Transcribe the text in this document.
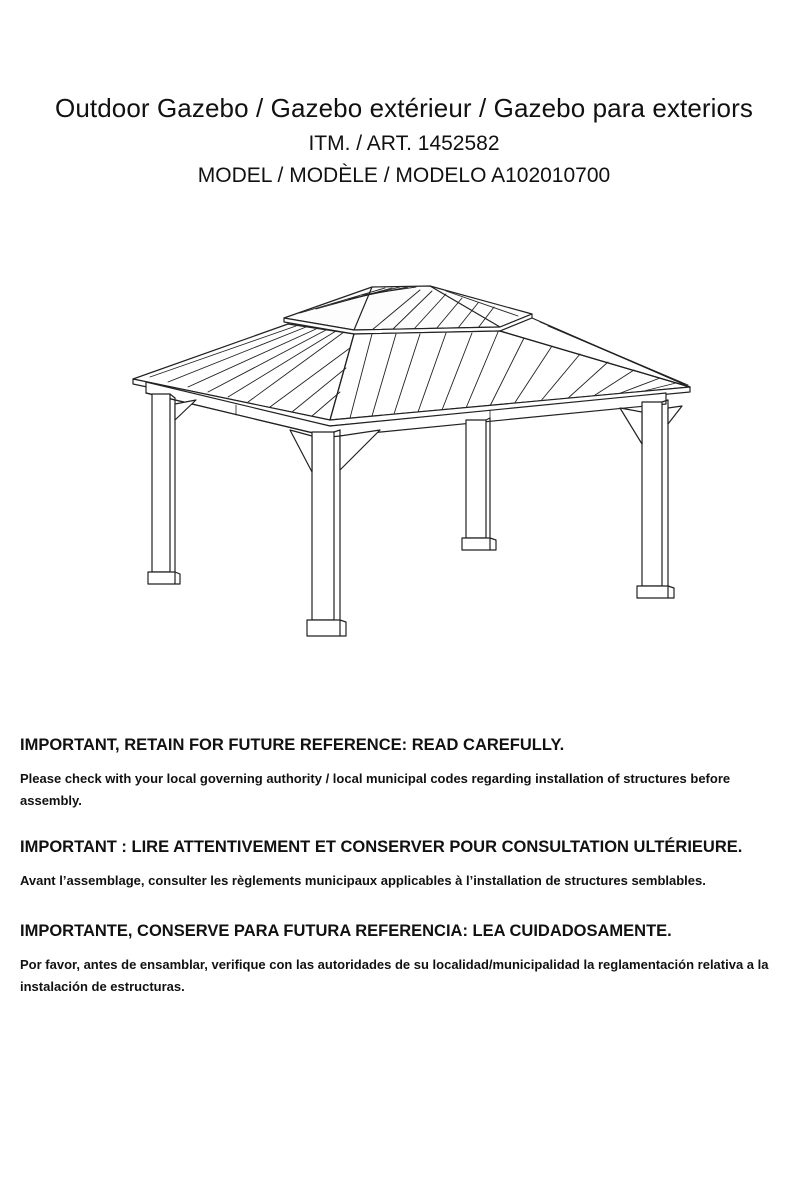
Outdoor Gazebo / Gazebo extérieur / Gazebo para exteriors

ITM. / ART. 1452582

MODEL / MODÈLE / MODELO A102010700

IMPORTANT, RETAIN FOR FUTURE REFERENCE: READ CAREFULLY.

Please check with your local governing authority / local municipal codes regarding installation of structures before assembly.

IMPORTANT : LIRE ATTENTIVEMENT ET CONSERVER POUR CONSULTATION ULTÉRIEURE.

Avant l’assemblage, consulter les règlements municipaux applicables à l’installation de structures semblables.

IMPORTANTE, CONSERVE PARA FUTURA REFERENCIA: LEA CUIDADOSAMENTE.

Por favor, antes de ensamblar, verifique con las autoridades de su localidad/municipalidad la reglamentación relativa a la instalación de estructuras.
